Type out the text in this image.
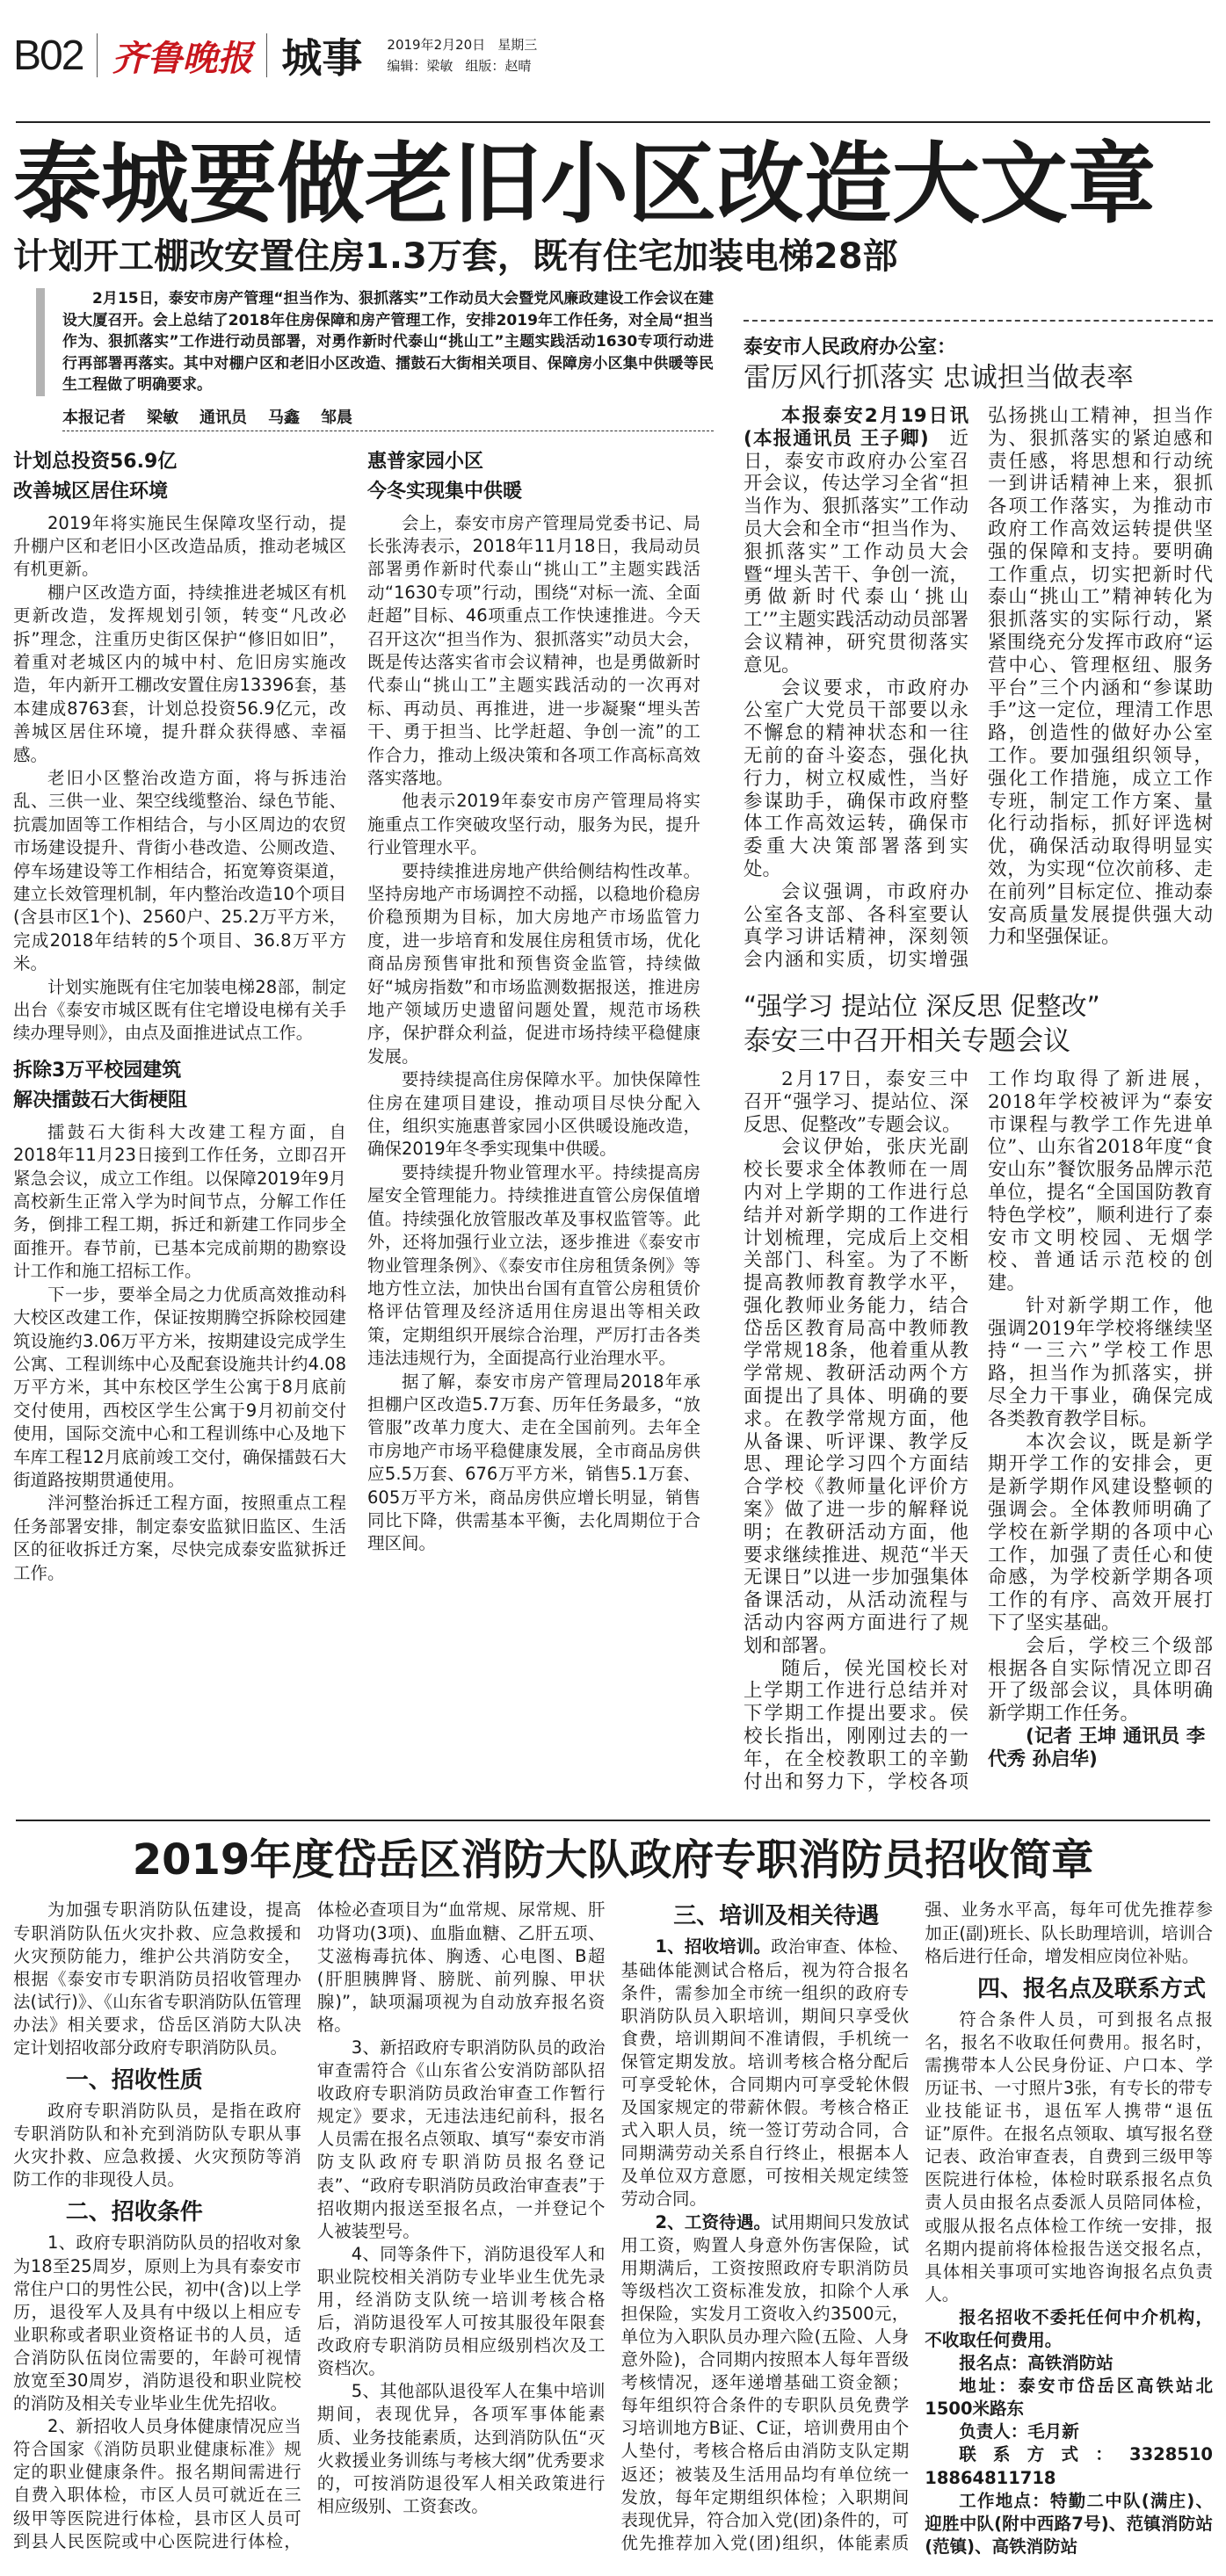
B02 齐鲁晚报 城事 2019年2月20日 星期三
编辑：梁敏 组版：赵晴
泰城要做老旧小区改造大文章
计划开工棚改安置住房1.3万套，既有住宅加装电梯28部

2月15日，泰安市房产管理“担当作为、狠抓落实”工作动员大会暨党风廉政建设工作会议在建设大厦召开。会上总结了2018年住房保障和房产管理工作，安排2019年工作任务，对全局“担当作为、狠抓落实”工作进行动员部署，对勇作新时代泰山“挑山工”主题实践活动1630专项行动进行再部署再落实。其中对棚户区和老旧小区改造、擂鼓石大街相关项目、保障房小区集中供暖等民生工程做了明确要求。

本报记者 梁敏 通讯员 马鑫 邹晨
计划总投资56.9亿
改善城区居住环境

2019年将实施民生保障攻坚行动，提升棚户区和老旧小区改造品质，推动老城区有机更新。

棚户区改造方面，持续推进老城区有机更新改造，发挥规划引领，转变“凡改必拆”理念，注重历史街区保护“修旧如旧”，着重对老城区内的城中村、危旧房实施改造，年内新开工棚改安置住房13396套，基本建成8763套，计划总投资56.9亿元，改善城区居住环境，提升群众获得感、幸福感。

老旧小区整治改造方面，将与拆违治乱、三供一业、架空线缆整治、绿色节能、抗震加固等工作相结合，与小区周边的农贸市场建设提升、背街小巷改造、公厕改造、停车场建设等工作相结合，拓宽筹资渠道，建立长效管理机制，年内整治改造10个项目(含县市区1个)、2560户、25.2万平方米，完成2018年结转的5个项目、36.8万平方米。

计划实施既有住宅加装电梯28部，制定出台《泰安市城区既有住宅增设电梯有关手续办理导则》，由点及面推进试点工作。

拆除3万平校园建筑
解决擂鼓石大街梗阻

擂鼓石大街科大改建工程方面，自2018年11月23日接到工作任务，立即召开紧急会议，成立工作组。以保障2019年9月高校新生正常入学为时间节点，分解工作任务，倒排工程工期，拆迁和新建工作同步全面推开。春节前，已基本完成前期的勘察设计工作和施工招标工作。

下一步，要举全局之力优质高效推动科大校区改建工作，保证按期腾空拆除校园建筑设施约3.06万平方米，按期建设完成学生公寓、工程训练中心及配套设施共计约4.08万平方米，其中东校区学生公寓于8月底前交付使用，西校区学生公寓于9月初前交付使用，国际交流中心和工程训练中心及地下车库工程12月底前竣工交付，确保擂鼓石大街道路按期贯通使用。

泮河整治拆迁工程方面，按照重点工程任务部署安排，制定泰安监狱旧监区、生活区的征收拆迁方案，尽快完成泰安监狱拆迁工作。

惠普家园小区
今冬实现集中供暖

会上，泰安市房产管理局党委书记、局长张涛表示，2018年11月18日，我局动员部署勇作新时代泰山“挑山工”主题实践活动“1630专项”行动，围绕“对标一流、全面赶超”目标、46项重点工作快速推进。今天召开这次“担当作为、狠抓落实”动员大会，既是传达落实省市会议精神，也是勇做新时代泰山“挑山工”主题实践活动的一次再对标、再动员、再推进，进一步凝聚“埋头苦干、勇于担当、比学赶超、争创一流”的工作合力，推动上级决策和各项工作高标高效落实落地。

他表示2019年泰安市房产管理局将实施重点工作突破攻坚行动，服务为民，提升行业管理水平。

要持续推进房地产供给侧结构性改革。坚持房地产市场调控不动摇，以稳地价稳房价稳预期为目标，加大房地产市场监管力度，进一步培育和发展住房租赁市场，优化商品房预售审批和预售资金监管，持续做好“城房指数”和市场监测数据报送，推进房地产领域历史遗留问题处置，规范市场秩序，保护群众利益，促进市场持续平稳健康发展。

要持续提高住房保障水平。加快保障性住房在建项目建设，推动项目尽快分配入住，组织实施惠普家园小区供暖设施改造，确保2019年冬季实现集中供暖。

要持续提升物业管理水平。持续提高房屋安全管理能力。持续推进直管公房保值增值。持续强化放管服改革及事权监管等。此外，还将加强行业立法，逐步推进《泰安市物业管理条例》、《泰安市住房租赁条例》等地方性立法，加快出台国有直管公房租赁价格评估管理及经济适用住房退出等相关政策，定期组织开展综合治理，严厉打击各类违法违规行为，全面提高行业治理水平。

据了解，泰安市房产管理局2018年承担棚户区改造5.7万套、历年任务最多，“放管服”改革力度大、走在全国前列。去年全市房地产市场平稳健康发展，全市商品房供应5.5万套、676万平方米，销售5.1万套、605万平方米，商品房供应增长明显，销售同比下降，供需基本平衡，去化周期位于合理区间。

泰安市人民政府办公室：
雷厉风行抓落实 忠诚担当做表率

本报泰安2月19日讯(本报通讯员 王子卿)　 近日，泰安市政府办公室召开会议，传达学习全省“担当作为、狠抓落实”工作动员大会和全市“担当作为、狠抓落实”工作动员大会暨“埋头苦干、争创一流，勇做新时代泰山‘挑山工’”主题实践活动动员部署会议精神，研究贯彻落实意见。

会议要求，市政府办公室广大党员干部要以永不懈怠的精神状态和一往无前的奋斗姿态，强化执行力，树立权威性，当好参谋助手，确保市政府整体工作高效运转，确保市委重大决策部署落到实处。

会议强调，市政府办公室各支部、各科室要认真学习讲话精神，深刻领会内涵和实质，切实增强弘扬挑山工精神，担当作为、狠抓落实的紧迫感和责任感，将思想和行动统一到讲话精神上来，狠抓各项工作落实，为推动市政府工作高效运转提供坚强的保障和支持。要明确工作重点，切实把新时代泰山“挑山工”精神转化为狠抓落实的实际行动，紧紧围绕充分发挥市政府“运营中心、管理枢纽、服务平台”三个内涵和“参谋助手”这一定位，理清工作思路，创造性的做好办公室工作。要加强组织领导，强化工作措施，成立工作专班，制定工作方案、量化行动指标，抓好评选树优，确保活动取得明显实效，为实现“位次前移、走在前列”目标定位、推动泰安高质量发展提供强大动力和坚强保证。

“强学习 提站位 深反思 促整改”
泰安三中召开相关专题会议

2月17日，泰安三中召开“强学习、提站位、深反思、促整改”专题会议。

会议伊始，张庆光副校长要求全体教师在一周内对上学期的工作进行总结并对新学期的工作进行计划梳理，完成后上交相关部门、科室。为了不断提高教师教育教学水平，强化教师业务能力，结合岱岳区教育局高中教师教学常规18条，他着重从教学常规、教研活动两个方面提出了具体、明确的要求。在教学常规方面，他从备课、听评课、教学反思、理论学习四个方面结合学校《教师量化评价方案》做了进一步的解释说明；在教研活动方面，他要求继续推进、规范“半天无课日”以进一步加强集体备课活动，从活动流程与活动内容两方面进行了规划和部署。

随后，侯光国校长对上学期工作进行总结并对下学期工作提出要求。侯校长指出，刚刚过去的一年，在全校教职工的辛勤付出和努力下，学校各项工作均取得了新进展，2018年学校被评为“泰安市课程与教学工作先进单位”、山东省2018年度“食安山东”餐饮服务品牌示范单位，提名“全国国防教育特色学校”，顺利进行了泰安市文明校园、无烟学校、普通话示范校的创建。

针对新学期工作，他强调2019年学校将继续坚持“一三六”学校工作思路，担当作为抓落实，拼尽全力干事业，确保完成各类教育教学目标。

本次会议，既是新学期开学工作的安排会，更是新学期作风建设整顿的强调会。全体教师明确了学校在新学期的各项中心工作，加强了责任心和使命感，为学校新学期各项工作的有序、高效开展打下了坚实基础。

会后，学校三个级部根据各自实际情况立即召开了级部会议，具体明确新学期工作任务。

(记者 王坤 通讯员 李代秀 孙启华)

2019年度岱岳区消防大队政府专职消防员招收简章

为加强专职消防队伍建设，提高专职消防队伍火灾扑救、应急救援和火灾预防能力，维护公共消防安全，根据《泰安市专职消防员招收管理办法(试行)》、《山东省专职消防队伍管理办法》相关要求，岱岳区消防大队决定计划招收部分政府专职消防队员。

一、招收性质

政府专职消防队员，是指在政府专职消防队和补充到消防队专职从事火灾扑救、应急救援、火灾预防等消防工作的非现役人员。

二、招收条件

1、政府专职消防队员的招收对象为18至25周岁，原则上为具有泰安市常住户口的男性公民，初中(含)以上学历，退役军人及具有中级以上相应专业职称或者职业资格证书的人员，适合消防队伍岗位需要的，年龄可视情放宽至30周岁，消防退役和职业院校的消防及相关专业毕业生优先招收。

2、新招收人员身体健康情况应当符合国家《消防员职业健康标准》规定的职业健康条件。报名期间需进行自费入职体检，市区人员可就近在三级甲等医院进行体检，县市区人员可到县人民医院或中心医院进行体检，体检必查项目为“血常规、尿常规、肝功肾功(3项)、血脂血糖、乙肝五项、艾滋梅毒抗体、胸透、心电图、B超(肝胆胰脾肾、膀胱、前列腺、甲状腺)”，缺项漏项视为自动放弃报名资格。

3、新招政府专职消防队员的政治审查需符合《山东省公安消防部队招收政府专职消防员政治审查工作暂行规定》要求，无违法违纪前科，报名人员需在报名点领取、填写“泰安市消防支队政府专职消防员报名登记表”、“政府专职消防员政治审查表”于招收期内报送至报名点，一并登记个人被装型号。

4、同等条件下，消防退役军人和职业院校相关消防专业毕业生优先录用，经消防支队统一培训考核合格后，消防退役军人可按其服役年限套改政府专职消防员相应级别档次及工资档次。

5、其他部队退役军人在集中培训期间，表现优异，各项军事体能素质、业务技能素质，达到消防队伍“灭火救援业务训练与考核大纲”优秀要求的，可按消防退役军人相关政策进行相应级别、工资套改。

三、培训及相关待遇

1、招收培训。政治审查、体检、基础体能测试合格后，视为符合报名条件，需参加全市统一组织的政府专职消防队员入职培训，期间只享受伙食费，培训期间不准请假，手机统一保管定期发放。培训考核合格分配后可享受轮休，合同期内可享受轮休假及国家规定的带薪休假。考核合格正式入职人员，统一签订劳动合同，合同期满劳动关系自行终止，根据本人及单位双方意愿，可按相关规定续签劳动合同。

2、工资待遇。试用期间只发放试用工资，购置人身意外伤害保险，试用期满后，工资按照政府专职消防员等级档次工资标准发放，扣除个人承担保险，实发月工资收入约3500元，单位为入职队员办理六险(五险、人身意外险)，合同期内按照本人每年晋级考核情况，逐年递增基础工资金额；每年组织符合条件的专职队员免费学习培训地方B证、C证，培训费用由个人垫付，考核合格后由消防支队定期返还；被装及生活用品均有单位统一发放，每年定期组织体检；入职期间表现优异，符合加入党(团)条件的，可优先推荐加入党(团)组织，体能素质强、业务水平高，每年可优先推荐参加正(副)班长、队长助理培训，培训合格后进行任命，增发相应岗位补贴。

四、报名点及联系方式

符合条件人员，可到报名点报名，报名不收取任何费用。报名时，需携带本人公民身份证、户口本、学历证书、一寸照片3张，有专长的带专业技能证书，退伍军人携带“退伍证”原件。在报名点领取、填写报名登记表、政治审查表，自费到三级甲等医院进行体检，体检时联系报名点负责人员由报名点委派人员陪同体检，或服从报名点体检工作统一安排，报名期内提前将体检报告送交报名点，具体相关事项可实地咨询报名点负责人。

报名招收不委托任何中介机构，不收取任何费用。

报名点：高铁消防站

地址：泰安市岱岳区高铁站北1500米路东

负责人：毛月新

联系方式：3328510 18864811718

工作地点：特勤二中队(满庄)、迎胜中队(附中西路7号)、范镇消防站(范镇)、高铁消防站
